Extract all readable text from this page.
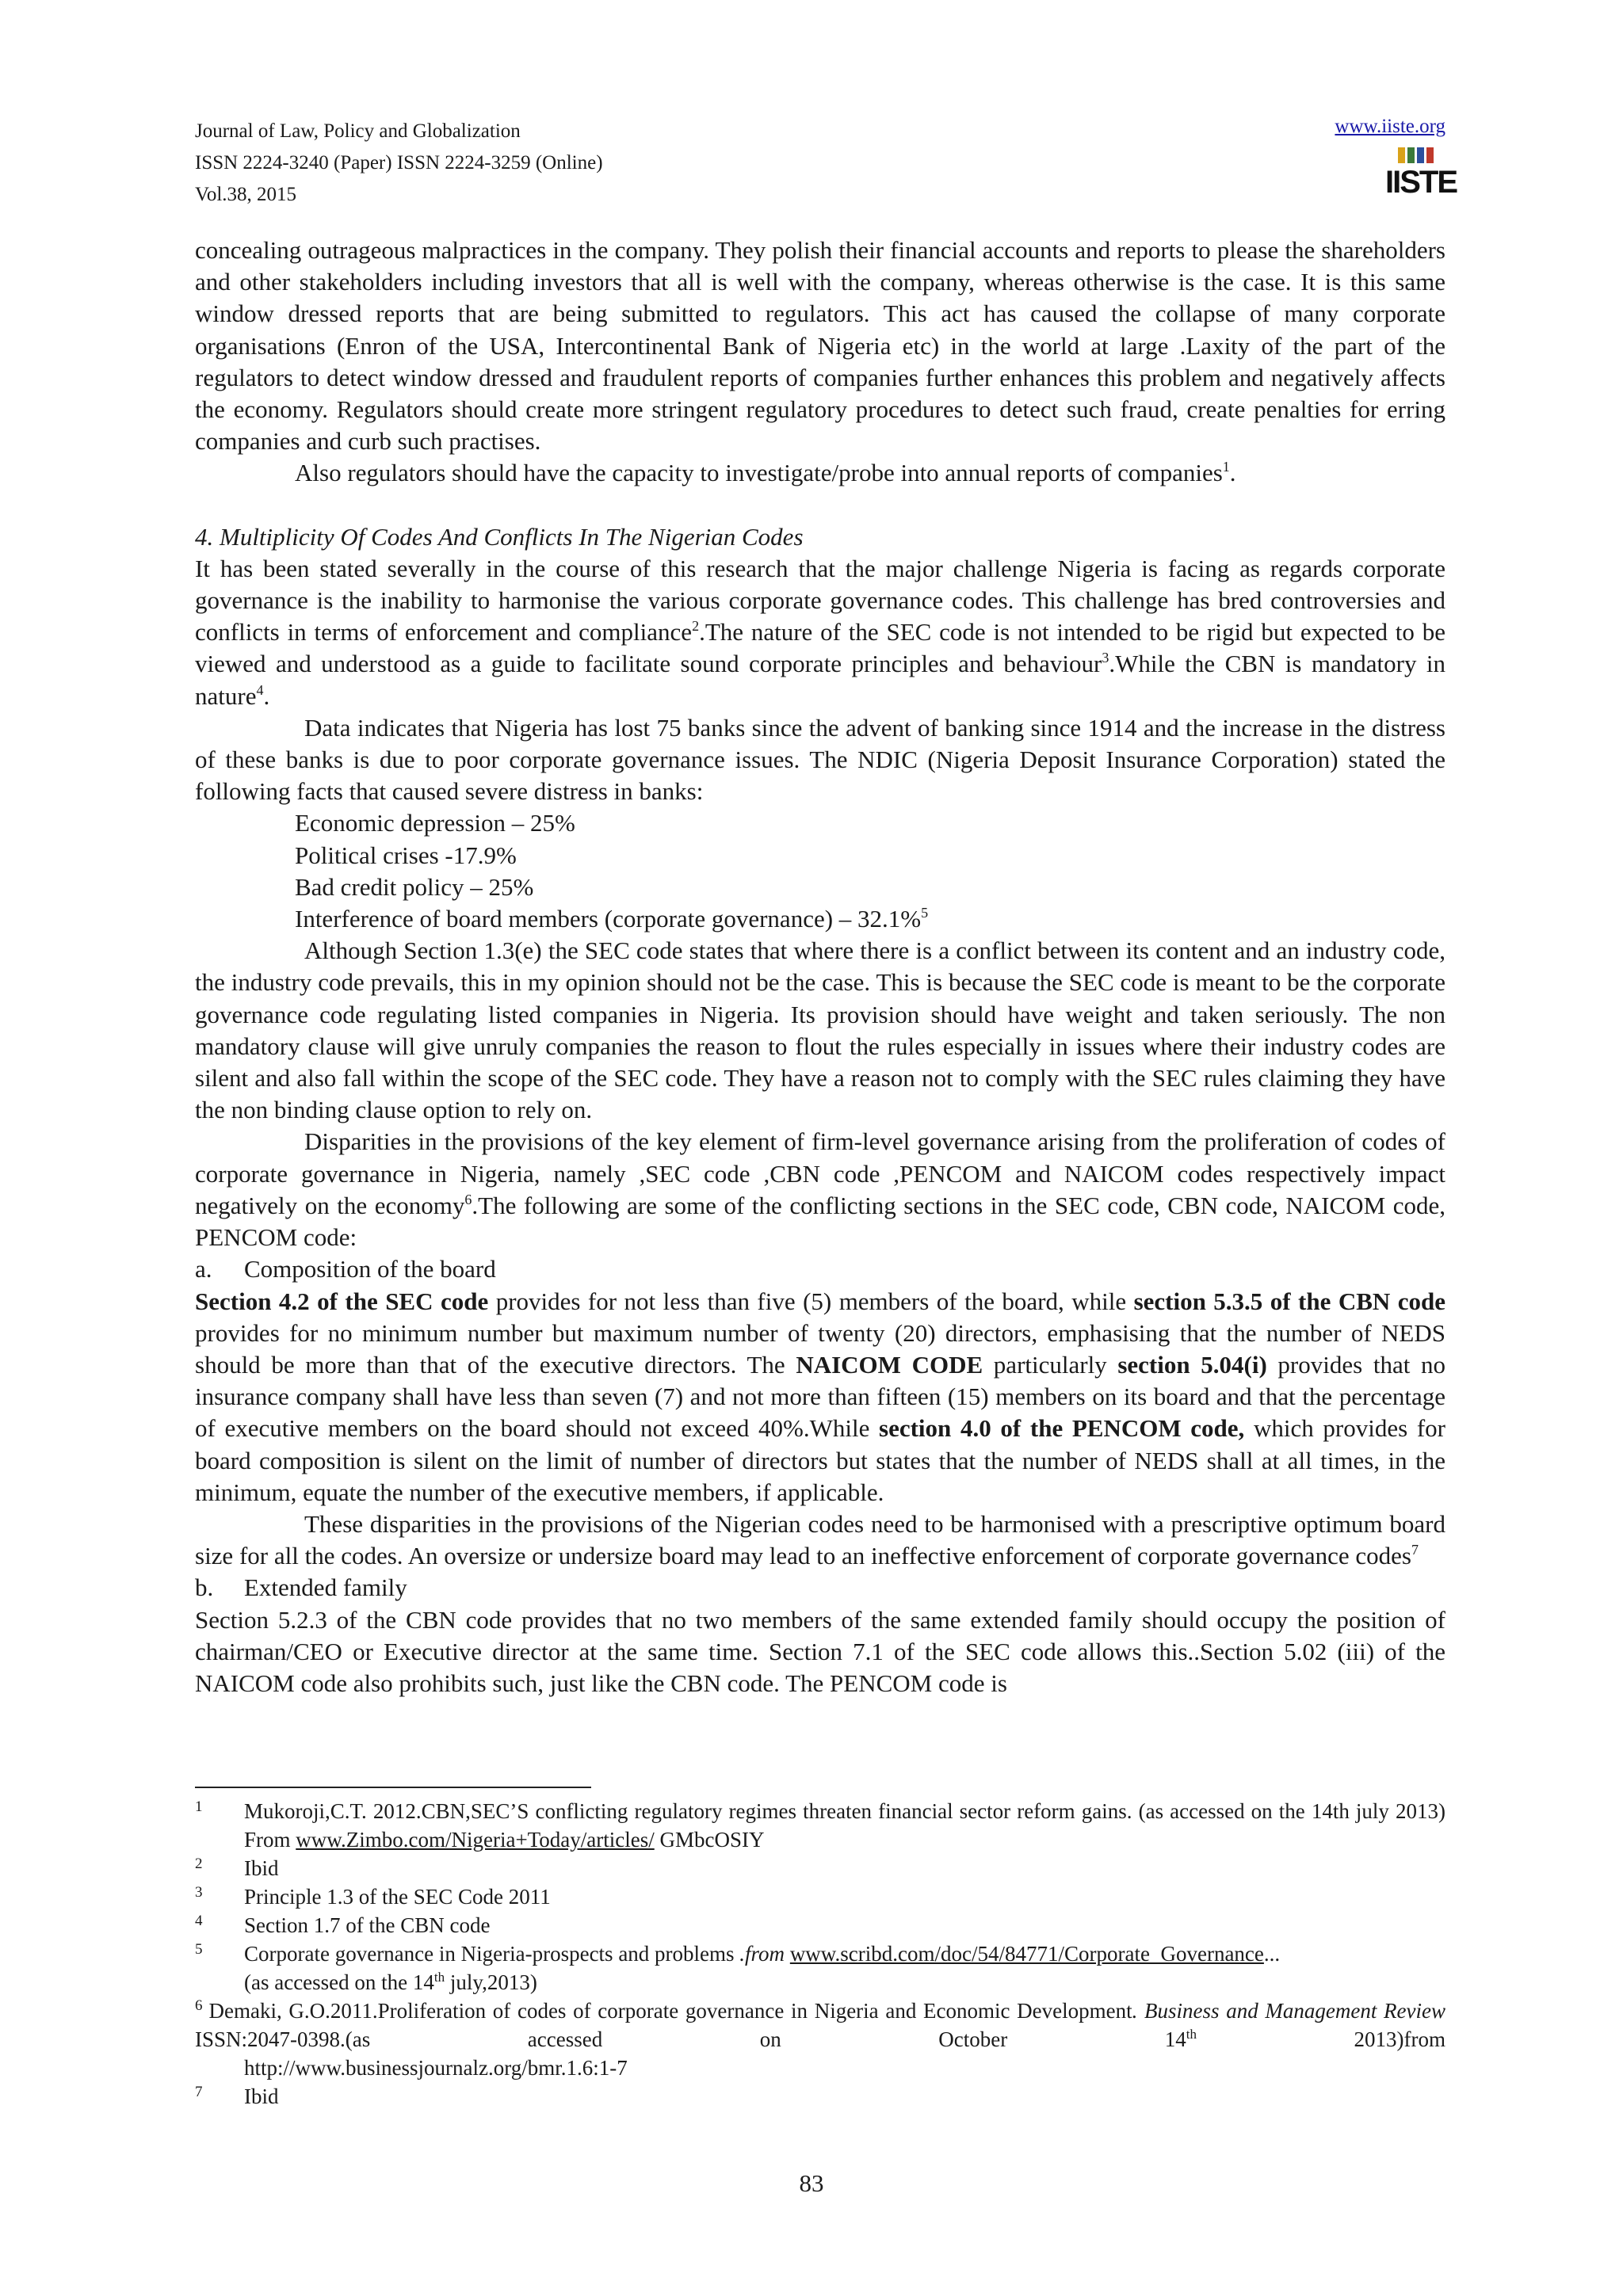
Journal of Law, Policy and Globalization
ISSN 2224-3240 (Paper) ISSN 2224-3259 (Online)
Vol.38, 2015
www.iiste.org
IISTE

concealing outrageous malpractices in the company. They polish their financial accounts and reports to please the shareholders and other stakeholders including investors that all is well with the company, whereas otherwise is the case. It is this same window dressed reports that are being submitted to regulators. This act has caused the collapse of many corporate organisations (Enron of the USA, Intercontinental Bank of Nigeria etc) in the world at large .Laxity of the part of the regulators to detect window dressed and fraudulent reports of companies further enhances this problem and negatively affects the economy. Regulators should create more stringent regulatory procedures to detect such fraud, create penalties for erring companies and curb such practises.

Also regulators should have the capacity to investigate/probe into annual reports of companies$^1$.

4. Multiplicity Of Codes And Conflicts In The Nigerian Codes

It has been stated severally in the course of this research that the major challenge Nigeria is facing as regards corporate governance is the inability to harmonise the various corporate governance codes. This challenge has bred controversies and conflicts in terms of enforcement and compliance$^2$.The nature of the SEC code is not intended to be rigid but expected to be viewed and understood as a guide to facilitate sound corporate principles and behaviour$^3$.While the CBN is mandatory in nature$^4$.

Data indicates that Nigeria has lost 75 banks since the advent of banking since 1914 and the increase in the distress of these banks is due to poor corporate governance issues. The NDIC (Nigeria Deposit Insurance Corporation) stated the following facts that caused severe distress in banks:

Economic depression – 25%

Political crises -17.9%

Bad credit policy – 25%

Interference of board members (corporate governance) – 32.1%$^5$

Although Section 1.3(e) the SEC code states that where there is a conflict between its content and an industry code, the industry code prevails, this in my opinion should not be the case. This is because the SEC code is meant to be the corporate governance code regulating listed companies in Nigeria. Its provision should have weight and taken seriously. The non mandatory clause will give unruly companies the reason to flout the rules especially in issues where their industry codes are silent and also fall within the scope of the SEC code. They have a reason not to comply with the SEC rules claiming they have the non binding clause option to rely on.

Disparities in the provisions of the key element of firm-level governance arising from the proliferation of codes of corporate governance in Nigeria, namely ,SEC code ,CBN code ,PENCOM and NAICOM codes respectively impact negatively on the economy$^6$.The following are some of the conflicting sections in the SEC code, CBN code, NAICOM code, PENCOM code:

a. Composition of the board

Section 4.2 of the SEC code provides for not less than five (5) members of the board, while section 5.3.5 of the CBN code provides for no minimum number but maximum number of twenty (20) directors, emphasising that the number of NEDS should be more than that of the executive directors. The NAICOM CODE particularly section 5.04(i) provides that no insurance company shall have less than seven (7) and not more than fifteen (15) members on its board and that the percentage of executive members on the board should not exceed 40%.While section 4.0 of the PENCOM code, which provides for board composition is silent on the limit of number of directors but states that the number of NEDS shall at all times, in the minimum, equate the number of the executive members, if applicable.

These disparities in the provisions of the Nigerian codes need to be harmonised with a prescriptive optimum board size for all the codes. An oversize or undersize board may lead to an ineffective enforcement of corporate governance codes$^7$

b. Extended family

Section 5.2.3 of the CBN code provides that no two members of the same extended family should occupy the position of chairman/CEO or Executive director at the same time. Section 7.1 of the SEC code allows this..Section 5.02 (iii) of the NAICOM code also prohibits such, just like the CBN code. The PENCOM code is

1	Mukoroji,C.T. 2012.CBN,SEC’S conflicting regulatory regimes threaten financial sector reform gains. (as accessed on the 14th july 2013) From www.Zimbo.com/Nigeria+Today/articles/ GMbcOSIY
2	Ibid
3	Principle 1.3 of the SEC Code 2011
4	Section 1.7 of the CBN code
5	Corporate governance in Nigeria-prospects and problems .from www.scribd.com/doc/54/84771/Corporate_Governance...
(as accessed on the 14th july,2013)
$^6$ Demaki, G.O.2011.Proliferation of codes of corporate governance in Nigeria and Economic Development. Business and Management Review ISSN:2047-0398.(as accessed on October 14th 2013)from
http://www.businessjournalz.org/bmr.1.6:1-7
7	Ibid
83
